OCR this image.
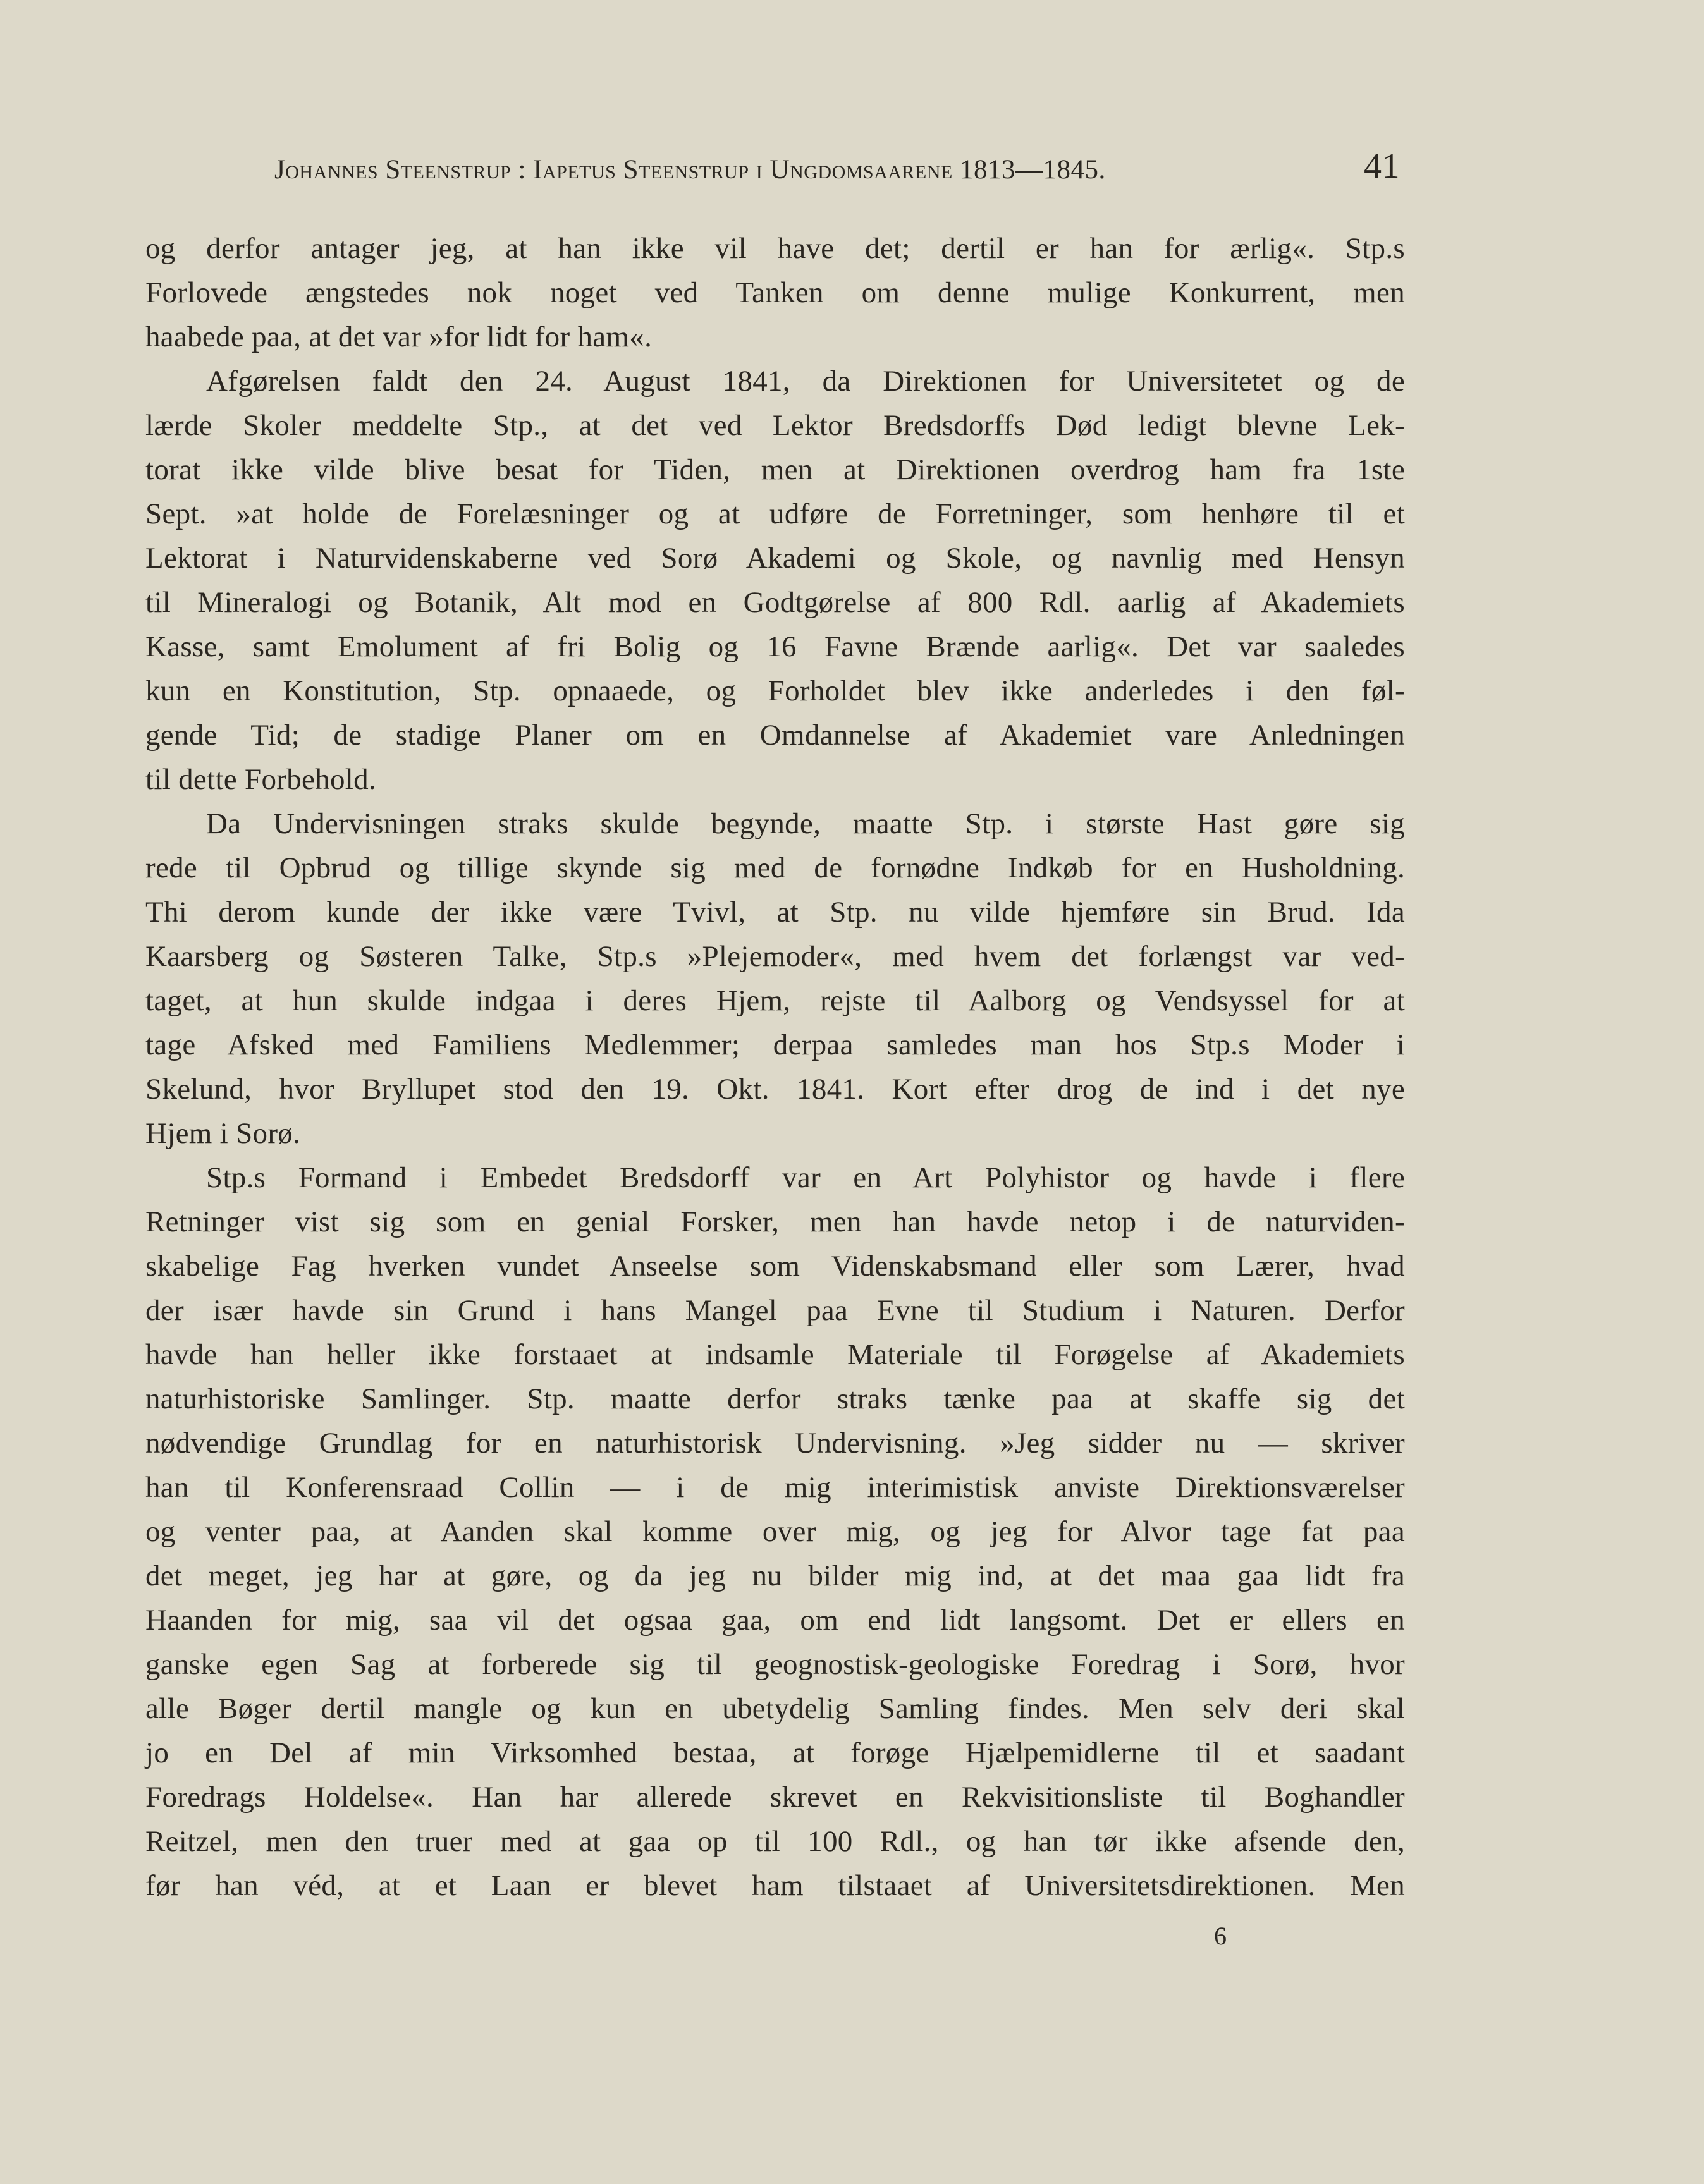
Johannes Steenstrup : Iapetus Steenstrup i Ungdomsaarene 1813—1845.	41
og derfor antager jeg, at han ikke vil have det; dertil er han for ærlig«. Stp.s
Forlovede ængstedes nok noget ved Tanken om denne mulige Konkurrent, men
haabede paa, at det var »for lidt for ham«.
Afgørelsen faldt den 24. August 1841, da Direktionen for Universitetet og de
lærde Skoler meddelte Stp., at det ved Lektor Bredsdorffs Død ledigt blevne Lek-
torat ikke vilde blive besat for Tiden, men at Direktionen overdrog ham fra 1ste
Sept. »at holde de Forelæsninger og at udføre de Forretninger, som henhøre til et
Lektorat i Naturvidenskaberne ved Sorø Akademi og Skole, og navnlig med Hensyn
til Mineralogi og Botanik, Alt mod en Godtgørelse af 800 Rdl. aarlig af Akademiets
Kasse, samt Emolument af fri Bolig og 16 Favne Brænde aarlig«. Det var saaledes
kun en Konstitution, Stp. opnaaede, og Forholdet blev ikke anderledes i den føl-
gende Tid; de stadige Planer om en Omdannelse af Akademiet vare Anledningen
til dette Forbehold.
Da Undervisningen straks skulde begynde, maatte Stp. i største Hast gøre sig
rede til Opbrud og tillige skynde sig med de fornødne Indkøb for en Husholdning.
Thi derom kunde der ikke være Tvivl, at Stp. nu vilde hjemføre sin Brud. Ida
Kaarsberg og Søsteren Talke, Stp.s »Plejemoder«, med hvem det forlængst var ved-
taget, at hun skulde indgaa i deres Hjem, rejste til Aalborg og Vendsyssel for at
tage Afsked med Familiens Medlemmer; derpaa samledes man hos Stp.s Moder i
Skelund, hvor Bryllupet stod den 19. Okt. 1841. Kort efter drog de ind i det nye
Hjem i Sorø.
Stp.s Formand i Embedet Bredsdorff var en Art Polyhistor og havde i flere
Retninger vist sig som en genial Forsker, men han havde netop i de naturviden-
skabelige Fag hverken vundet Anseelse som Videnskabsmand eller som Lærer, hvad
der især havde sin Grund i hans Mangel paa Evne til Studium i Naturen. Derfor
havde han heller ikke forstaaet at indsamle Materiale til Forøgelse af Akademiets
naturhistoriske Samlinger. Stp. maatte derfor straks tænke paa at skaffe sig det
nødvendige Grundlag for en naturhistorisk Undervisning. »Jeg sidder nu — skriver
han til Konferensraad Collin — i de mig interimistisk anviste Direktionsværelser
og venter paa, at Aanden skal komme over mig, og jeg for Alvor tage fat paa
det meget, jeg har at gøre, og da jeg nu bilder mig ind, at det maa gaa lidt fra
Haanden for mig, saa vil det ogsaa gaa, om end lidt langsomt. Det er ellers en
ganske egen Sag at forberede sig til geognostisk-geologiske Foredrag i Sorø, hvor
alle Bøger dertil mangle og kun en ubetydelig Samling findes. Men selv deri skal
jo en Del af min Virksomhed bestaa, at forøge Hjælpemidlerne til et saadant
Foredrags Holdelse«. Han har allerede skrevet en Rekvisitionsliste til Boghandler
Reitzel, men den truer med at gaa op til 100 Rdl., og han tør ikke afsende den,
før han véd, at et Laan er blevet ham tilstaaet af Universitetsdirektionen. Men
6
